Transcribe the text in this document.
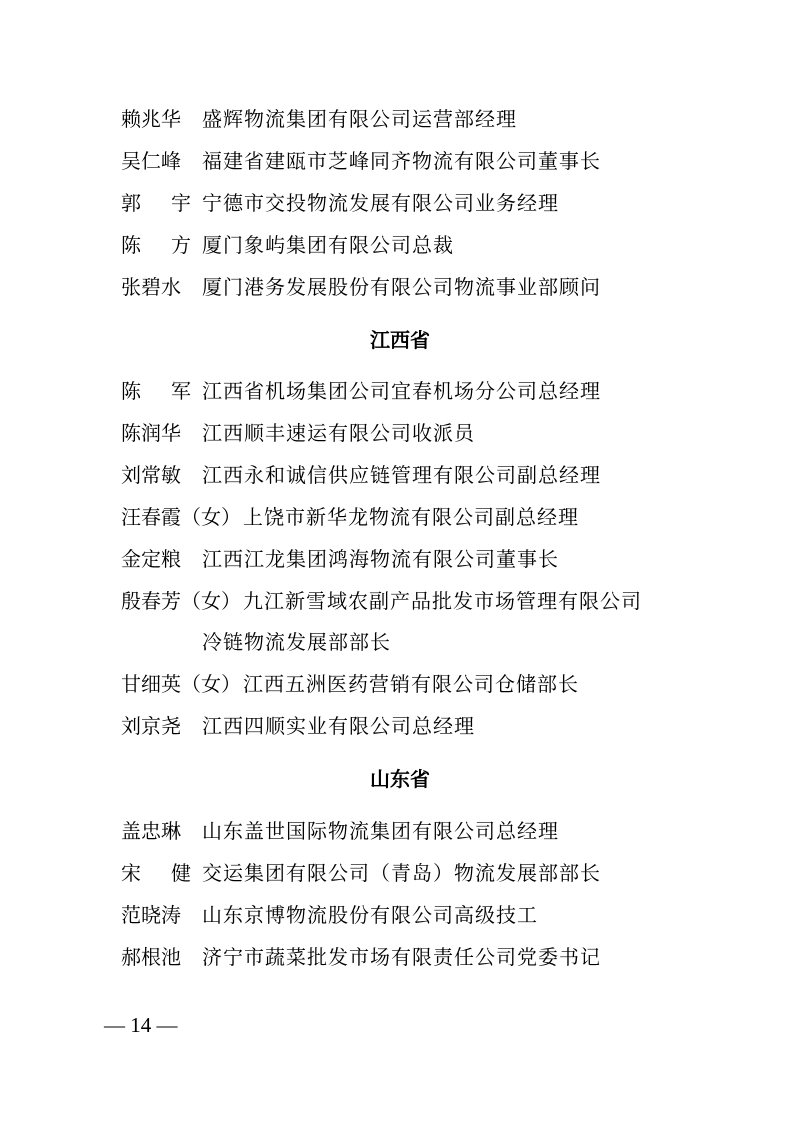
赖兆华	盛辉物流集团有限公司运营部经理
吴仁峰	福建省建瓯市芝峰同齐物流有限公司董事长
郭宇 宁德市交投物流发展有限公司业务经理
陈方 厦门象屿集团有限公司总裁
张碧水	厦门港务发展股份有限公司物流事业部顾问
江西省
陈军 江西省机场集团公司宜春机场分公司总经理
陈润华	江西顺丰速运有限公司收派员
刘常敏	江西永和诚信供应链管理有限公司副总经理
汪春霞（女） 上饶市新华龙物流有限公司副总经理
金定粮	江西江龙集团鸿海物流有限公司董事长
殷春芳（女） 九江新雪域农副产品批发市场管理有限公司
冷链物流发展部部长
甘细英（女） 江西五洲医药营销有限公司仓储部长
刘京尧	江西四顺实业有限公司总经理
山东省
盖忠琳	山东盖世国际物流集团有限公司总经理
宋健 交运集团有限公司（青岛）物流发展部部长
范晓涛	山东京博物流股份有限公司高级技工
郝根池	济宁市蔬菜批发市场有限责任公司党委书记
— 14 —
